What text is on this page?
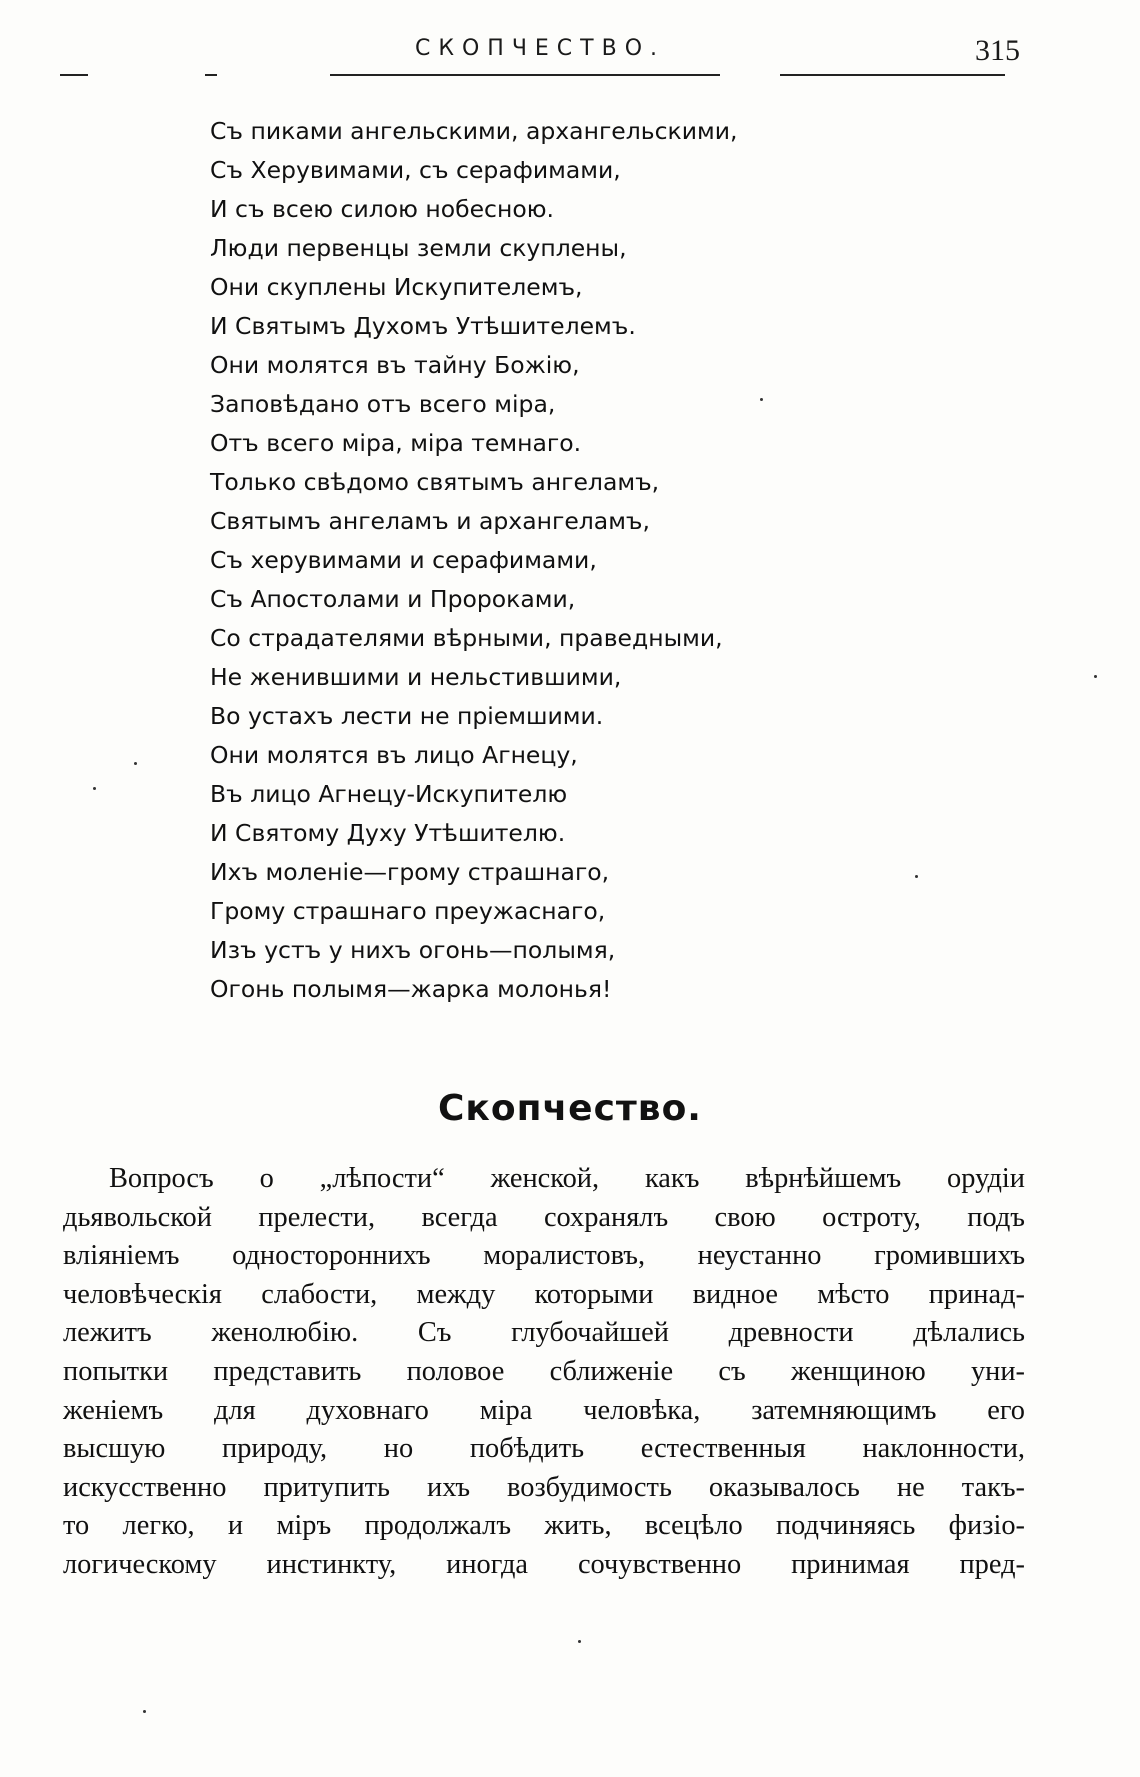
СКОПЧЕСТВО.	315
Съ пиками ангельскими, архангельскими,
Съ Херувимами, съ серафимами,
И съ всею силою нобесною.
Люди первенцы земли скуплены,
Они скуплены Искупителемъ,
И Святымъ Духомъ Утѣшителемъ.
Они молятся въ тайну Божію,
Заповѣдано отъ всего міра,
Отъ всего міра, міра темнаго.
Только свѣдомо святымъ ангеламъ,
Святымъ ангеламъ и архангеламъ,
Съ херувимами и серафимами,
Съ Апостолами и Пророками,
Со страдателями вѣрными, праведными,
Не женившими и нельстившими,
Во устахъ лести не пріемшими.
Они молятся въ лицо Агнецу,
Въ лицо Агнецу-Искупителю
И Святому Духу Утѣшителю.
Ихъ моленіе—грому страшнаго,
Грому страшнаго преужаснаго,
Изъ устъ у нихъ огонь—полымя,
Огонь полымя—жарка молонья!
Скопчество.

Вопросъ о „лѣпости“ женской, какъ вѣрнѣйшемъ орудіи
дьявольской прелести, всегда сохранялъ свою остроту, подъ
вліяніемъ одностороннихъ моралистовъ, неустанно громившихъ
человѣческія слабости, между которыми видное мѣсто принад-
лежитъ женолюбію. Съ глубочайшей древности дѣлались
попытки представить половое сближеніе съ женщиною уни-
женіемъ для духовнаго міра человѣка, затемняющимъ его
высшую природу, но побѣдить естественныя наклонности,
искусственно притупить ихъ возбудимость оказывалось не такъ-
то легко, и міръ продолжалъ жить, всецѣло подчиняясь физіо-
логическому инстинкту, иногда сочувственно принимая пред-
